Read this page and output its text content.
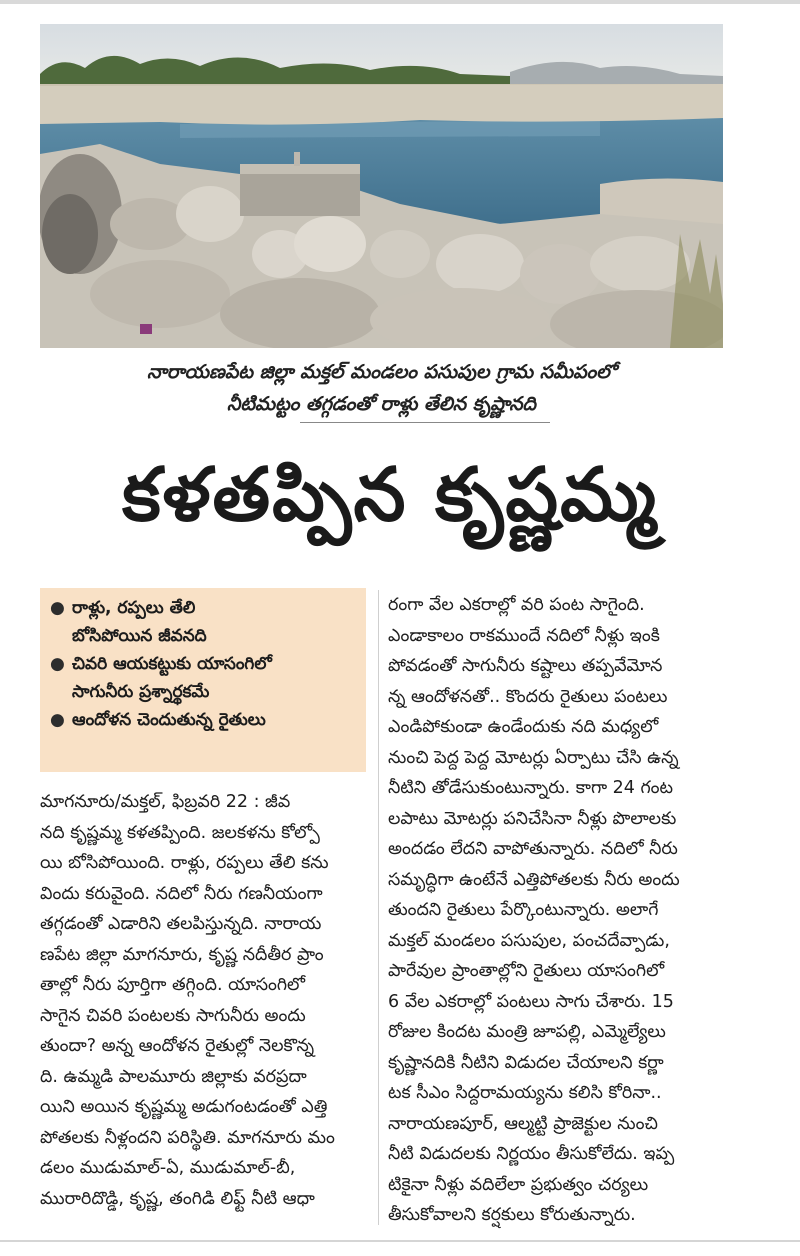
నారాయణపేట జిల్లా మక్తల్ మండలం పసుపుల గ్రామ సమీపంలో
నీటిమట్టం తగ్గడంతో రాళ్లు తేలిన కృష్ణానది
కళతప్పిన కృష్ణమ్మ
● రాళ్లు, రప్పలు తేలి
బోసిపోయిన జీవనది
● చివరి ఆయకట్టుకు యాసంగిలో
సాగునీరు ప్రశ్నార్థకమే
● ఆందోళన చెందుతున్న రైతులు
మాగనూరు/మక్తల్, ఫిబ్రవరి 22 : జీవ
నది కృష్ణమ్మ కళతప్పింది. జలకళను కోల్పో
యి బోసిపోయింది. రాళ్లు, రప్పలు తేలి కను
విందు కరువైంది. నదిలో నీరు గణనీయంగా
తగ్గడంతో ఎడారిని తలపిస్తున్నది. నారాయ
ణపేట జిల్లా మాగనూరు, కృష్ణ నదీతీర ప్రాం
తాల్లో నీరు పూర్తిగా తగ్గింది. యాసంగిలో
సాగైన చివరి పంటలకు సాగునీరు అందు
తుందా? అన్న ఆందోళన రైతుల్లో నెలకొన్న
ది. ఉమ్మడి పాలమూరు జిల్లాకు వరప్రదా
యిని అయిన కృష్ణమ్మ అడుగంటడంతో ఎత్తి
పోతలకు నీళ్లందని పరిస్థితి. మాగనూరు మం
డలం ముడుమాల్-ఏ, ముడుమాల్-బీ,
మురారిదొడ్డి, కృష్ణ, తంగిడి లిఫ్ట్ నీటి ఆధా
రంగా వేల ఎకరాల్లో వరి పంట సాగైంది.
ఎండాకాలం రాకముందే నదిలో నీళ్లు ఇంకి
పోవడంతో సాగునీరు కష్టాలు తప్పవేమోన
న్న ఆందోళనతో.. కొందరు రైతులు పంటలు
ఎండిపోకుండా ఉండేందుకు నది మధ్యలో
నుంచి పెద్ద పెద్ద మోటర్లు ఏర్పాటు చేసి ఉన్న
నీటిని తోడేసుకుంటున్నారు. కాగా 24 గంట
లపాటు మోటర్లు పనిచేసినా నీళ్లు పొలాలకు
అందడం లేదని వాపోతున్నారు. నదిలో నీరు
సమృద్ధిగా ఉంటేనే ఎత్తిపోతలకు నీరు అందు
తుందని రైతులు పేర్కొంటున్నారు. అలాగే
మక్తల్ మండలం పసుపుల, పంచదేవ్పాడు,
పారేవుల ప్రాంతాల్లోని రైతులు యాసంగిలో
6 వేల ఎకరాల్లో పంటలు సాగు చేశారు. 15
రోజుల కిందట మంత్రి జూపల్లి, ఎమ్మెల్యేలు
కృష్ణానదికి నీటిని విడుదల చేయాలని కర్ణా
టక సీఎం సిద్దరామయ్యను కలిసి కోరినా..
నారాయణపూర్, ఆల్మట్టి ప్రాజెక్టుల నుంచి
నీటి విడుదలకు నిర్ణయం తీసుకోలేదు. ఇప్ప
టికైనా నీళ్లు వదిలేలా ప్రభుత్వం చర్యలు
తీసుకోవాలని కర్షకులు కోరుతున్నారు.
